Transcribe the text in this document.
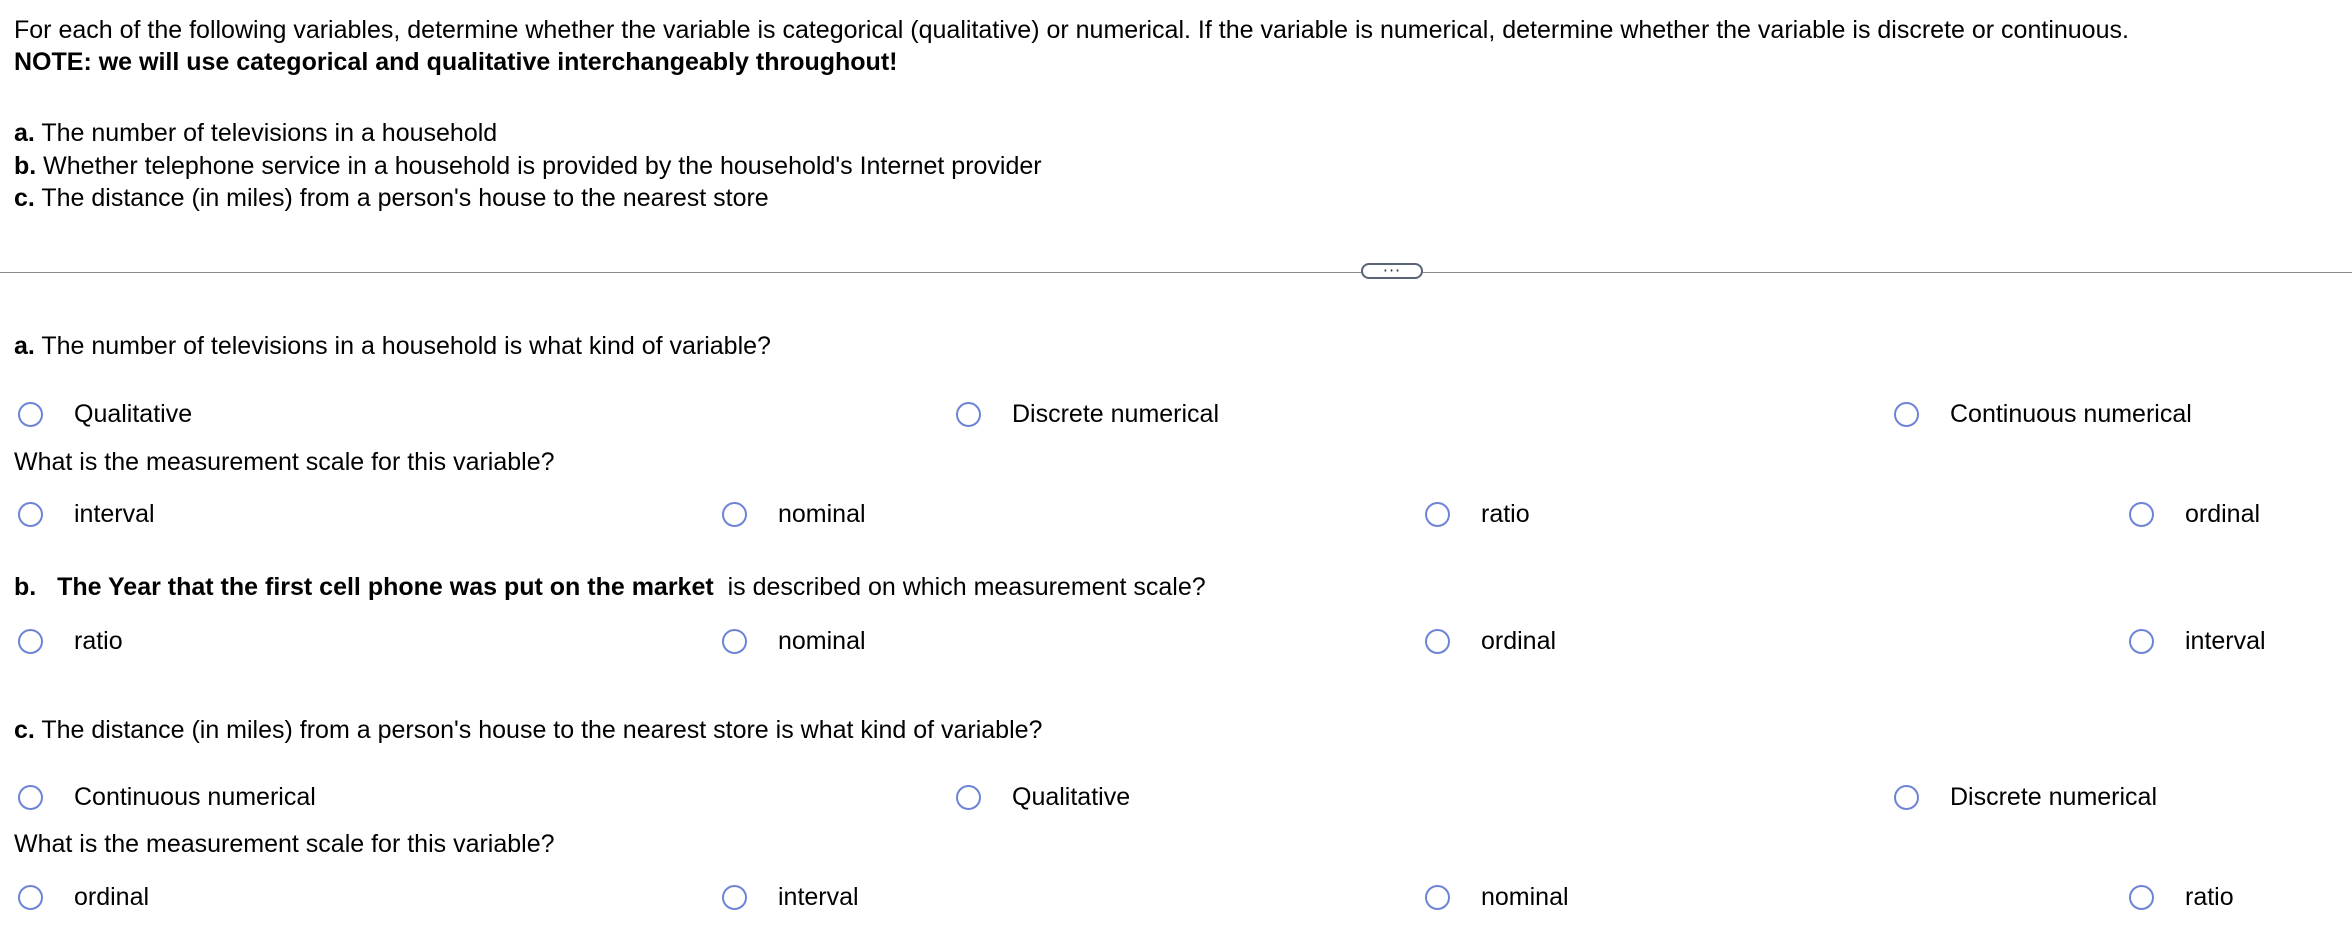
For each of the following variables, determine whether the variable is categorical (qualitative) or numerical. If the variable is numerical, determine whether the variable is discrete or continuous.
NOTE: we will use categorical and qualitative interchangeably throughout!
a. The number of televisions in a household
b. Whether telephone service in a household is provided by the household's Internet provider
c. The distance (in miles) from a person's house to the nearest store
···
a. The number of televisions in a household is what kind of variable?
Qualitative	Discrete numerical	Continuous numerical
What is the measurement scale for this variable?
interval	nominal	ratio	ordinal
b. The Year that the first cell phone was put on the market is described on which measurement scale?
ratio	nominal	ordinal	interval
c. The distance (in miles) from a person's house to the nearest store is what kind of variable?
Continuous numerical	Qualitative	Discrete numerical
What is the measurement scale for this variable?
ordinal	interval	nominal	ratio
